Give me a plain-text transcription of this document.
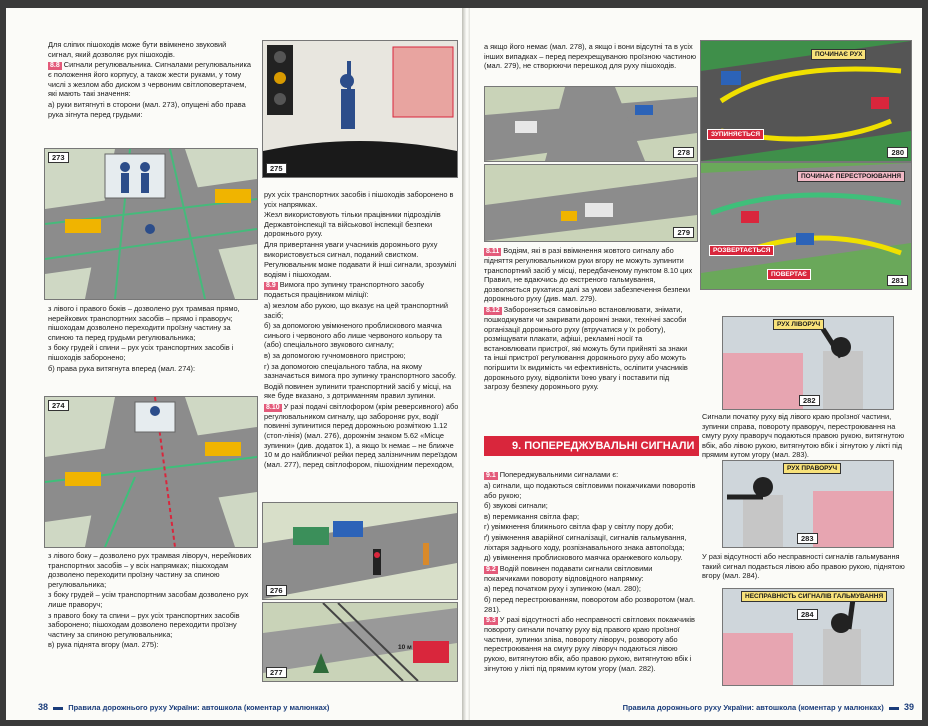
Для сліпих пішоходів може бути ввімкнено звуковий сигнал, який дозволяє рух пішоходів.

8.8 Сигнали регулювальника. Сигналами регулювальника є положення його корпусу, а також жести руками, у тому числі з жезлом або диском з червоним світлоповертачем, які мають такі значення:

а) руки витягнуті в сторони (мал. 273), опущені або права рука зігнута перед грудьми:

273

з лівого і правого боків – дозволено рух трамвая прямо, нерейкових транспортних засобів – прямо і праворуч; пішоходам дозволено переходити проїзну частину за спиною та перед грудьми регулювальника;

з боку грудей і спини – рух усіх транспортних засобів і пішоходів заборонено;

б) права рука витягнута вперед (мал. 274):

274

з лівого боку – дозволено рух трамвая ліворуч, нерейкових транспортних засобів – у всіх напрямках; пішоходам дозволено переходити проїзну частину за спиною регулювальника;

з боку грудей – усім транспортним засобам дозволено рух лише праворуч;

з правого боку та спини – рух усіх транспортних засобів заборонено; пішоходам дозволено переходити проїзну частину за спиною регулювальника;

в) рука піднята вгору (мал. 275):

275

рух усіх транспортних засобів і пішоходів заборонено в усіх напрямках.

Жезл використовують тільки працівники підрозділів Державтоінспекції та військової інспекції безпеки дорожнього руху.

Для привертання уваги учасників дорожнього руху використовується сигнал, поданий свистком.

Регулювальник може подавати й інші сигнали, зрозумілі водіям і пішоходам.

8.9 Вимога про зупинку транспортного засобу подається працівником міліції:

а) жезлом або рукою, що вказує на цей транспортний засіб;

б) за допомогою увімкненого проблискового маячка синього і червоного або лише червоного кольору та (або) спеціального звукового сигналу;

в) за допомогою гучномовного пристрою;

г) за допомогою спеціального табла, на якому зазначається вимога про зупинку транспортного засобу.

Водій повинен зупинити транспортний засіб у місці, на яке буде вказано, з дотриманням правил зупинки.

8.10 У разі подачі світлофором (крім реверсивного) або регулювальником сигналу, що забороняє рух, водії повинні зупинитися перед дорожньою розміткою 1.12 (стоп-лінія) (мал. 276), дорожнім знаком 5.62 «Місце зупинки» (див. додаток 1), а якщо їх немає – не ближче 10 м до найближчої рейки перед залізничним переїздом (мал. 277), перед світлофором, пішохідним переходом,

276
10 м
277
38	Правила дорожнього руху України: автошкола (коментар у малюнках)

а якщо його немає (мал. 278), а якщо і вони відсутні та в усіх інших випадках – перед перехрещуваною проїзною частиною (мал. 279), не створюючи перешкод для руху пішоходів.

278
279

8.11 Водіям, які в разі ввімкнення жовтого сигналу або підняття регулювальником руки вгору не можуть зупинити транспортний засіб у місці, передбаченому пунктом 8.10 цих Правил, не вдаючись до екстреного гальмування, дозволяється рухатися далі за умови забезпечення безпеки дорожнього руху (див. мал. 279).

8.12 Забороняється самовільно встановлювати, знімати, пошкоджувати чи закривати дорожні знаки, технічні засоби організації дорожнього руху (втручатися у їх роботу), розміщувати плакати, афіші, рекламні носії та встановлювати пристрої, які можуть бути прийняті за знаки та інші пристрої регулювання дорожнього руху або можуть погіршити їх видимість чи ефективність, осліпити учасників дорожнього руху, відволікти їхню увагу і поставити під загрозу безпеку дорожнього руху.

9. ПОПЕРЕДЖУВАЛЬНІ СИГНАЛИ

9.1 Попереджувальними сигналами є:

а) сигнали, що подаються світловими покажчиками поворотів або рукою;

б) звукові сигнали;

в) перемикання світла фар;

г) увімкнення ближнього світла фар у світлу пору доби;

ґ) увімкнення аварійної сигналізації, сигналів гальмування, ліхтаря заднього ходу, розпізнавального знака автопоїзда;

д) увімкнення проблискового маячка оранжевого кольору.

9.2 Водій повинен подавати сигнали світловими покажчиками повороту відповідного напрямку:

а) перед початком руху і зупинкою (мал. 280);

б) перед перестроюванням, поворотом або розворотом (мал. 281).

9.3 У разі відсутності або несправності світлових покажчиків повороту сигнали початку руху від правого краю проїзної частини, зупинки зліва, повороту ліворуч, розвороту або перестроювання на смугу руху ліворуч подаються лівою рукою, витягнутою вбік, або правою рукою, витягнутою вбік і зігнутою у лікті під прямим кутом угору (мал. 282).

ПОЧИНАЄ РУХ
ЗУПИНЯЄТЬСЯ
280
ПОЧИНАЄ ПЕРЕСТРОЮВАННЯ
РОЗВЕРТАЄТЬСЯ
ПОВЕРТАЄ
281

РУХ ЛІВОРУЧ
282

Сигнали початку руху від лівого краю проїзної частини, зупинки справа, повороту праворуч, перестроювання на смугу руху праворуч подаються правою рукою, витягнутою вбік, або лівою рукою, витягнутою вбік і зігнутою у лікті під прямим кутом угору (мал. 283).

РУХ ПРАВОРУЧ
283

У разі відсутності або несправності сигналів гальмування такий сигнал подається лівою або правою рукою, піднятою вгору (мал. 284).

НЕСПРАВНІСТЬ СИГНАЛІВ ГАЛЬМУВАННЯ
284
Правила дорожнього руху України: автошкола (коментар у малюнках) 39
